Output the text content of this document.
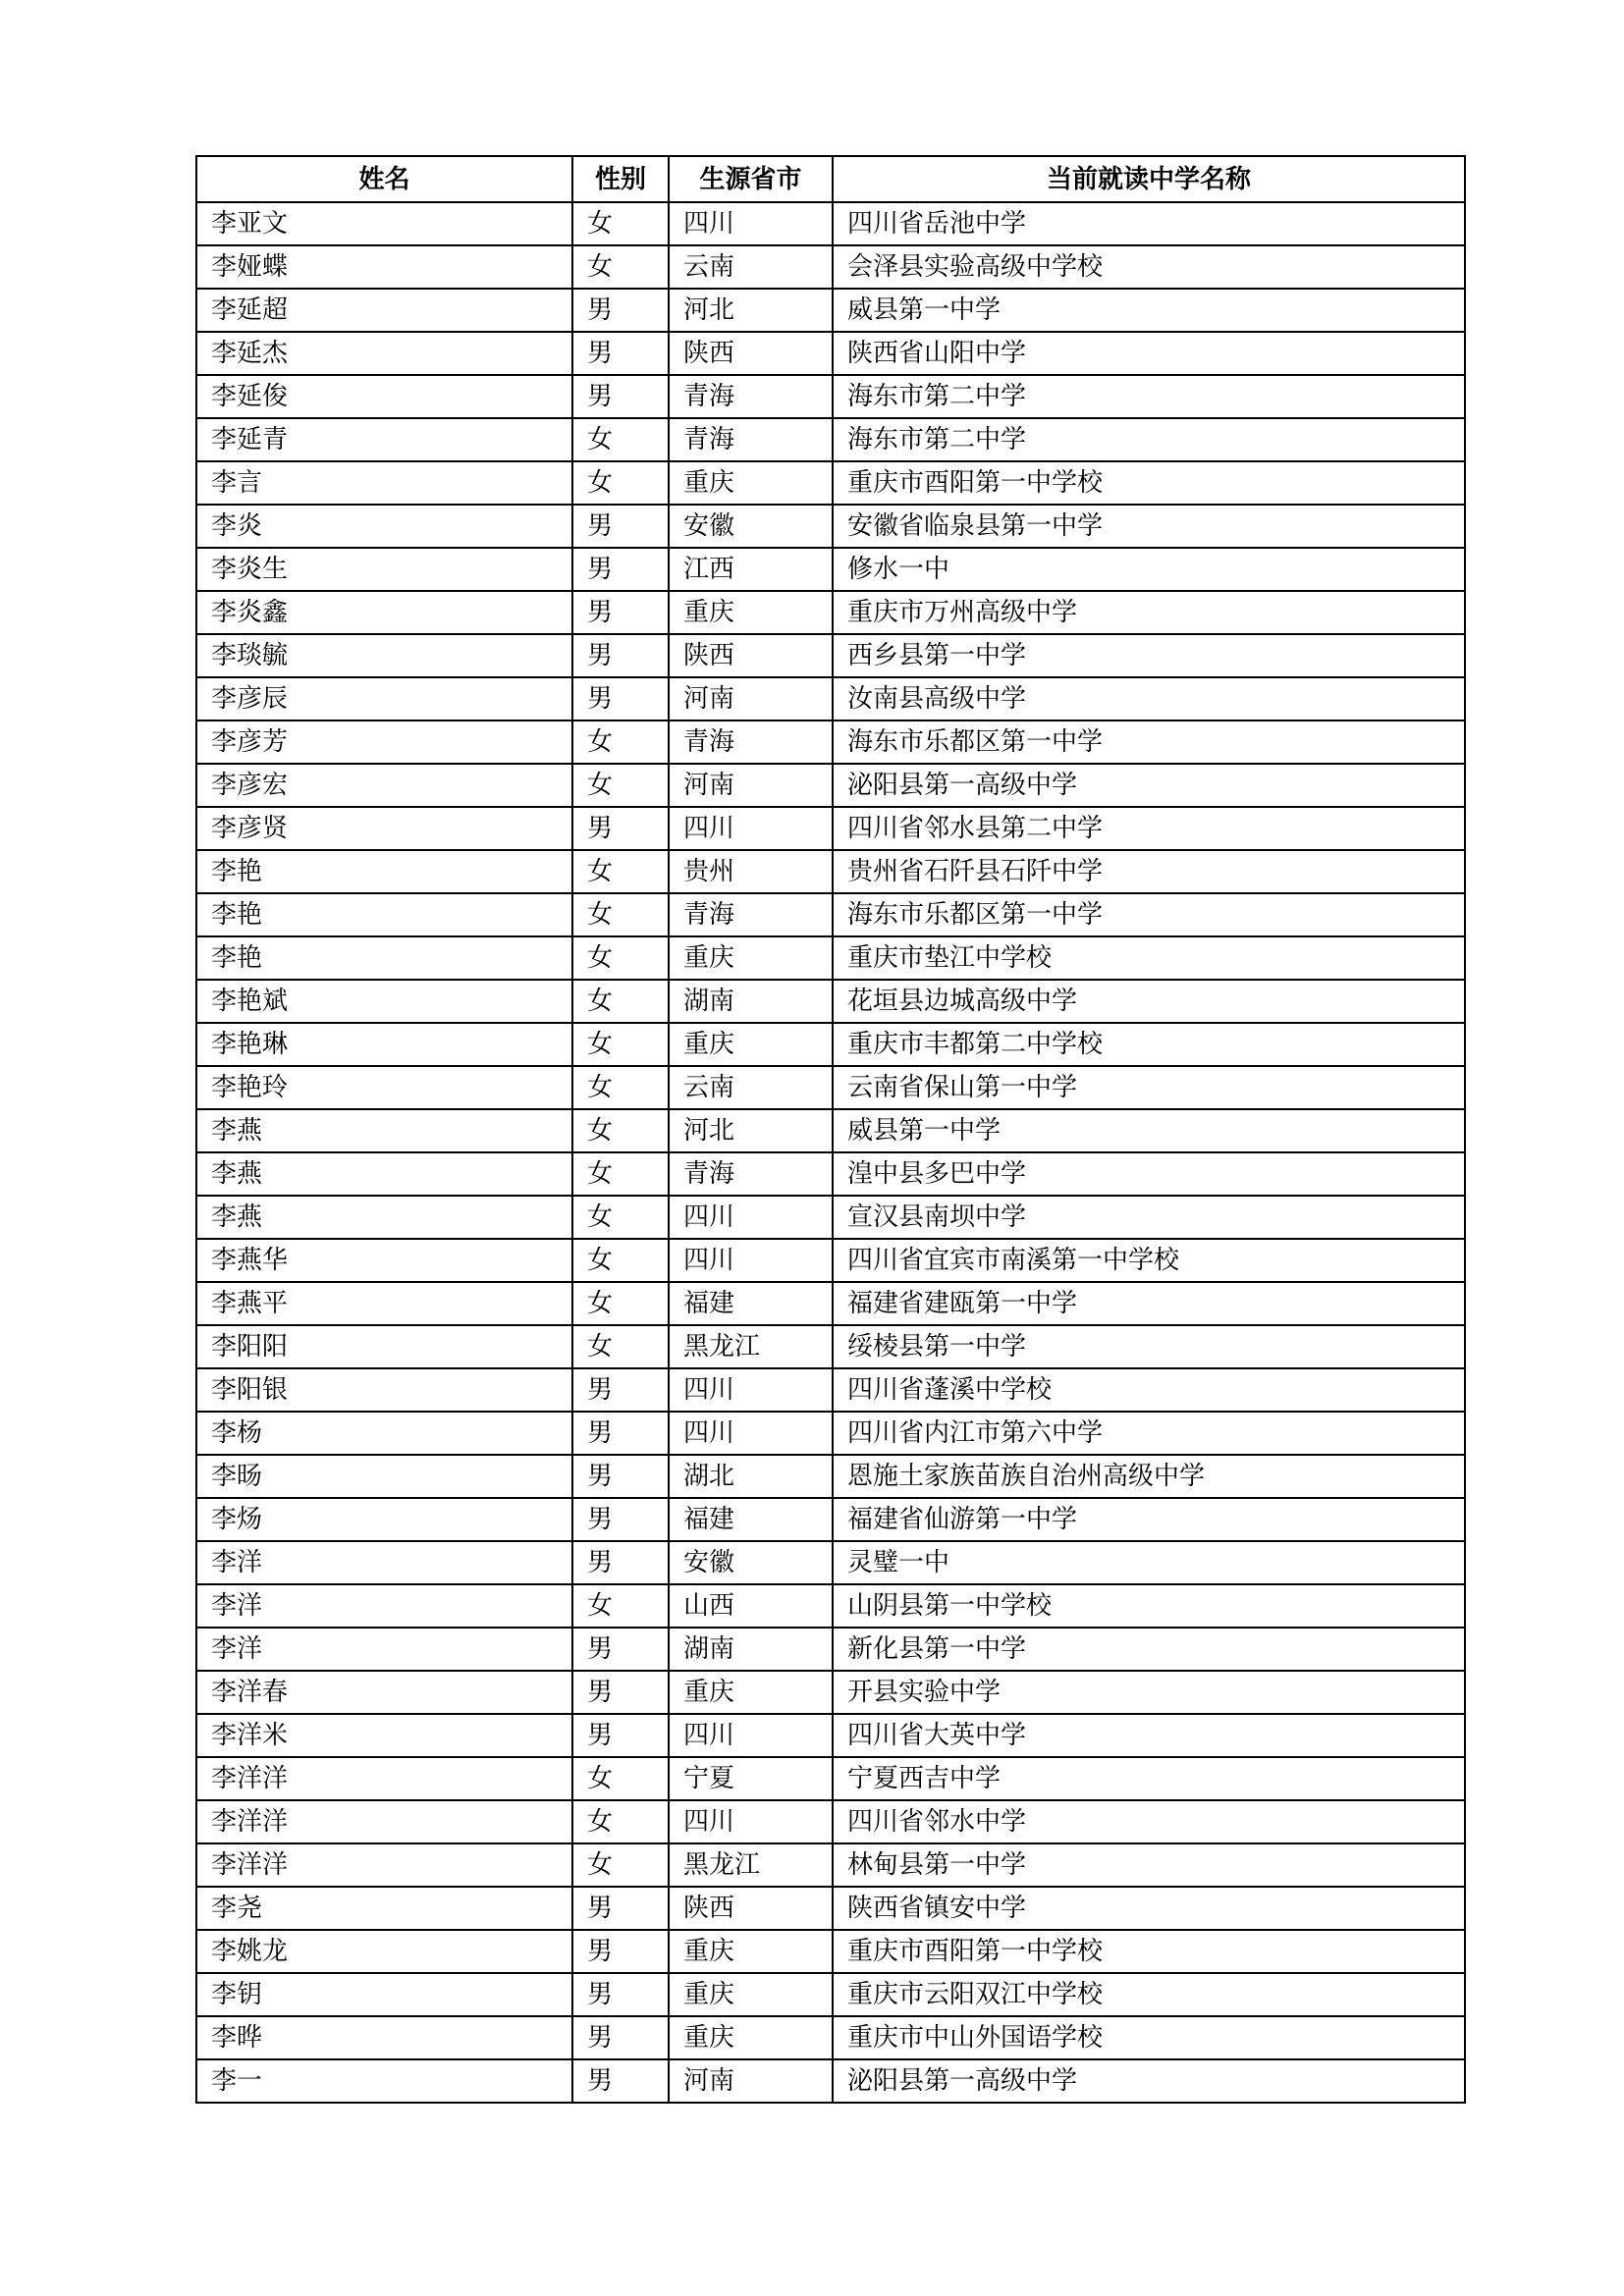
姓名	性别	生源省市	当前就读中学名称
李亚文	女	四川	四川省岳池中学
李娅蝶	女	云南	会泽县实验高级中学校
李延超	男	河北	威县第一中学
李延杰	男	陕西	陕西省山阳中学
李延俊	男	青海	海东市第二中学
李延青	女	青海	海东市第二中学
李言	女	重庆	重庆市酉阳第一中学校
李炎	男	安徽	安徽省临泉县第一中学
李炎生	男	江西	修水一中
李炎鑫	男	重庆	重庆市万州高级中学
李琰毓	男	陕西	西乡县第一中学
李彦辰	男	河南	汝南县高级中学
李彦芳	女	青海	海东市乐都区第一中学
李彦宏	女	河南	泌阳县第一高级中学
李彦贤	男	四川	四川省邻水县第二中学
李艳	女	贵州	贵州省石阡县石阡中学
李艳	女	青海	海东市乐都区第一中学
李艳	女	重庆	重庆市垫江中学校
李艳斌	女	湖南	花垣县边城高级中学
李艳琳	女	重庆	重庆市丰都第二中学校
李艳玲	女	云南	云南省保山第一中学
李燕	女	河北	威县第一中学
李燕	女	青海	湟中县多巴中学
李燕	女	四川	宣汉县南坝中学
李燕华	女	四川	四川省宜宾市南溪第一中学校
李燕平	女	福建	福建省建瓯第一中学
李阳阳	女	黑龙江	绥棱县第一中学
李阳银	男	四川	四川省蓬溪中学校
李杨	男	四川	四川省内江市第六中学
李旸	男	湖北	恩施土家族苗族自治州高级中学
李炀	男	福建	福建省仙游第一中学
李洋	男	安徽	灵璧一中
李洋	女	山西	山阴县第一中学校
李洋	男	湖南	新化县第一中学
李洋春	男	重庆	开县实验中学
李洋米	男	四川	四川省大英中学
李洋洋	女	宁夏	宁夏西吉中学
李洋洋	女	四川	四川省邻水中学
李洋洋	女	黑龙江	林甸县第一中学
李尧	男	陕西	陕西省镇安中学
李姚龙	男	重庆	重庆市酉阳第一中学校
李钥	男	重庆	重庆市云阳双江中学校
李晔	男	重庆	重庆市中山外国语学校
李一	男	河南	泌阳县第一高级中学
